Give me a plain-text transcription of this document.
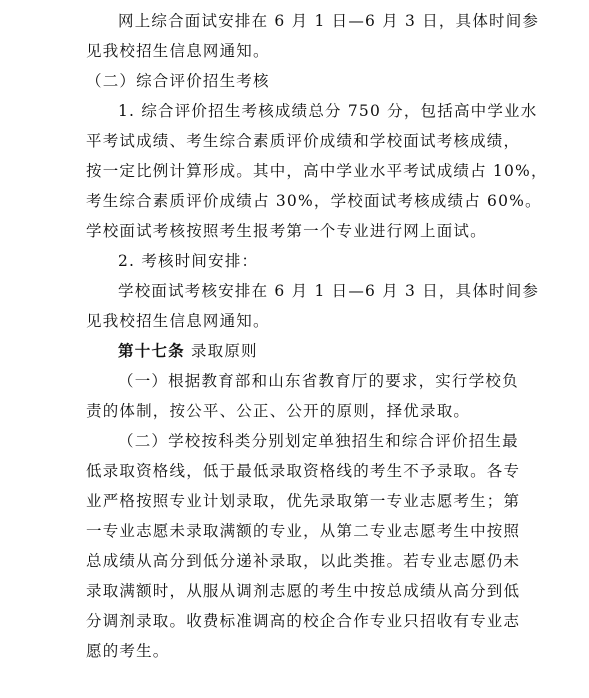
网上综合面试安排在 6 月 1 日—6 月 3 日，具体时间参
见我校招生信息网通知。
（二）综合评价招生考核
1. 综合评价招生考核成绩总分 750 分，包括高中学业水
平考试成绩、考生综合素质评价成绩和学校面试考核成绩，
按一定比例计算形成。其中，高中学业水平考试成绩占 10%，
考生综合素质评价成绩占 30%，学校面试考核成绩占 60%。
学校面试考核按照考生报考第一个专业进行网上面试。
2. 考核时间安排：
学校面试考核安排在 6 月 1 日—6 月 3 日，具体时间参
见我校招生信息网通知。
第十七条 录取原则
（一）根据教育部和山东省教育厅的要求，实行学校负
责的体制，按公平、公正、公开的原则，择优录取。
（二）学校按科类分别划定单独招生和综合评价招生最
低录取资格线，低于最低录取资格线的考生不予录取。各专
业严格按照专业计划录取，优先录取第一专业志愿考生；第
一专业志愿未录取满额的专业，从第二专业志愿考生中按照
总成绩从高分到低分递补录取，以此类推。若专业志愿仍未
录取满额时，从服从调剂志愿的考生中按总成绩从高分到低
分调剂录取。收费标准调高的校企合作专业只招收有专业志
愿的考生。
